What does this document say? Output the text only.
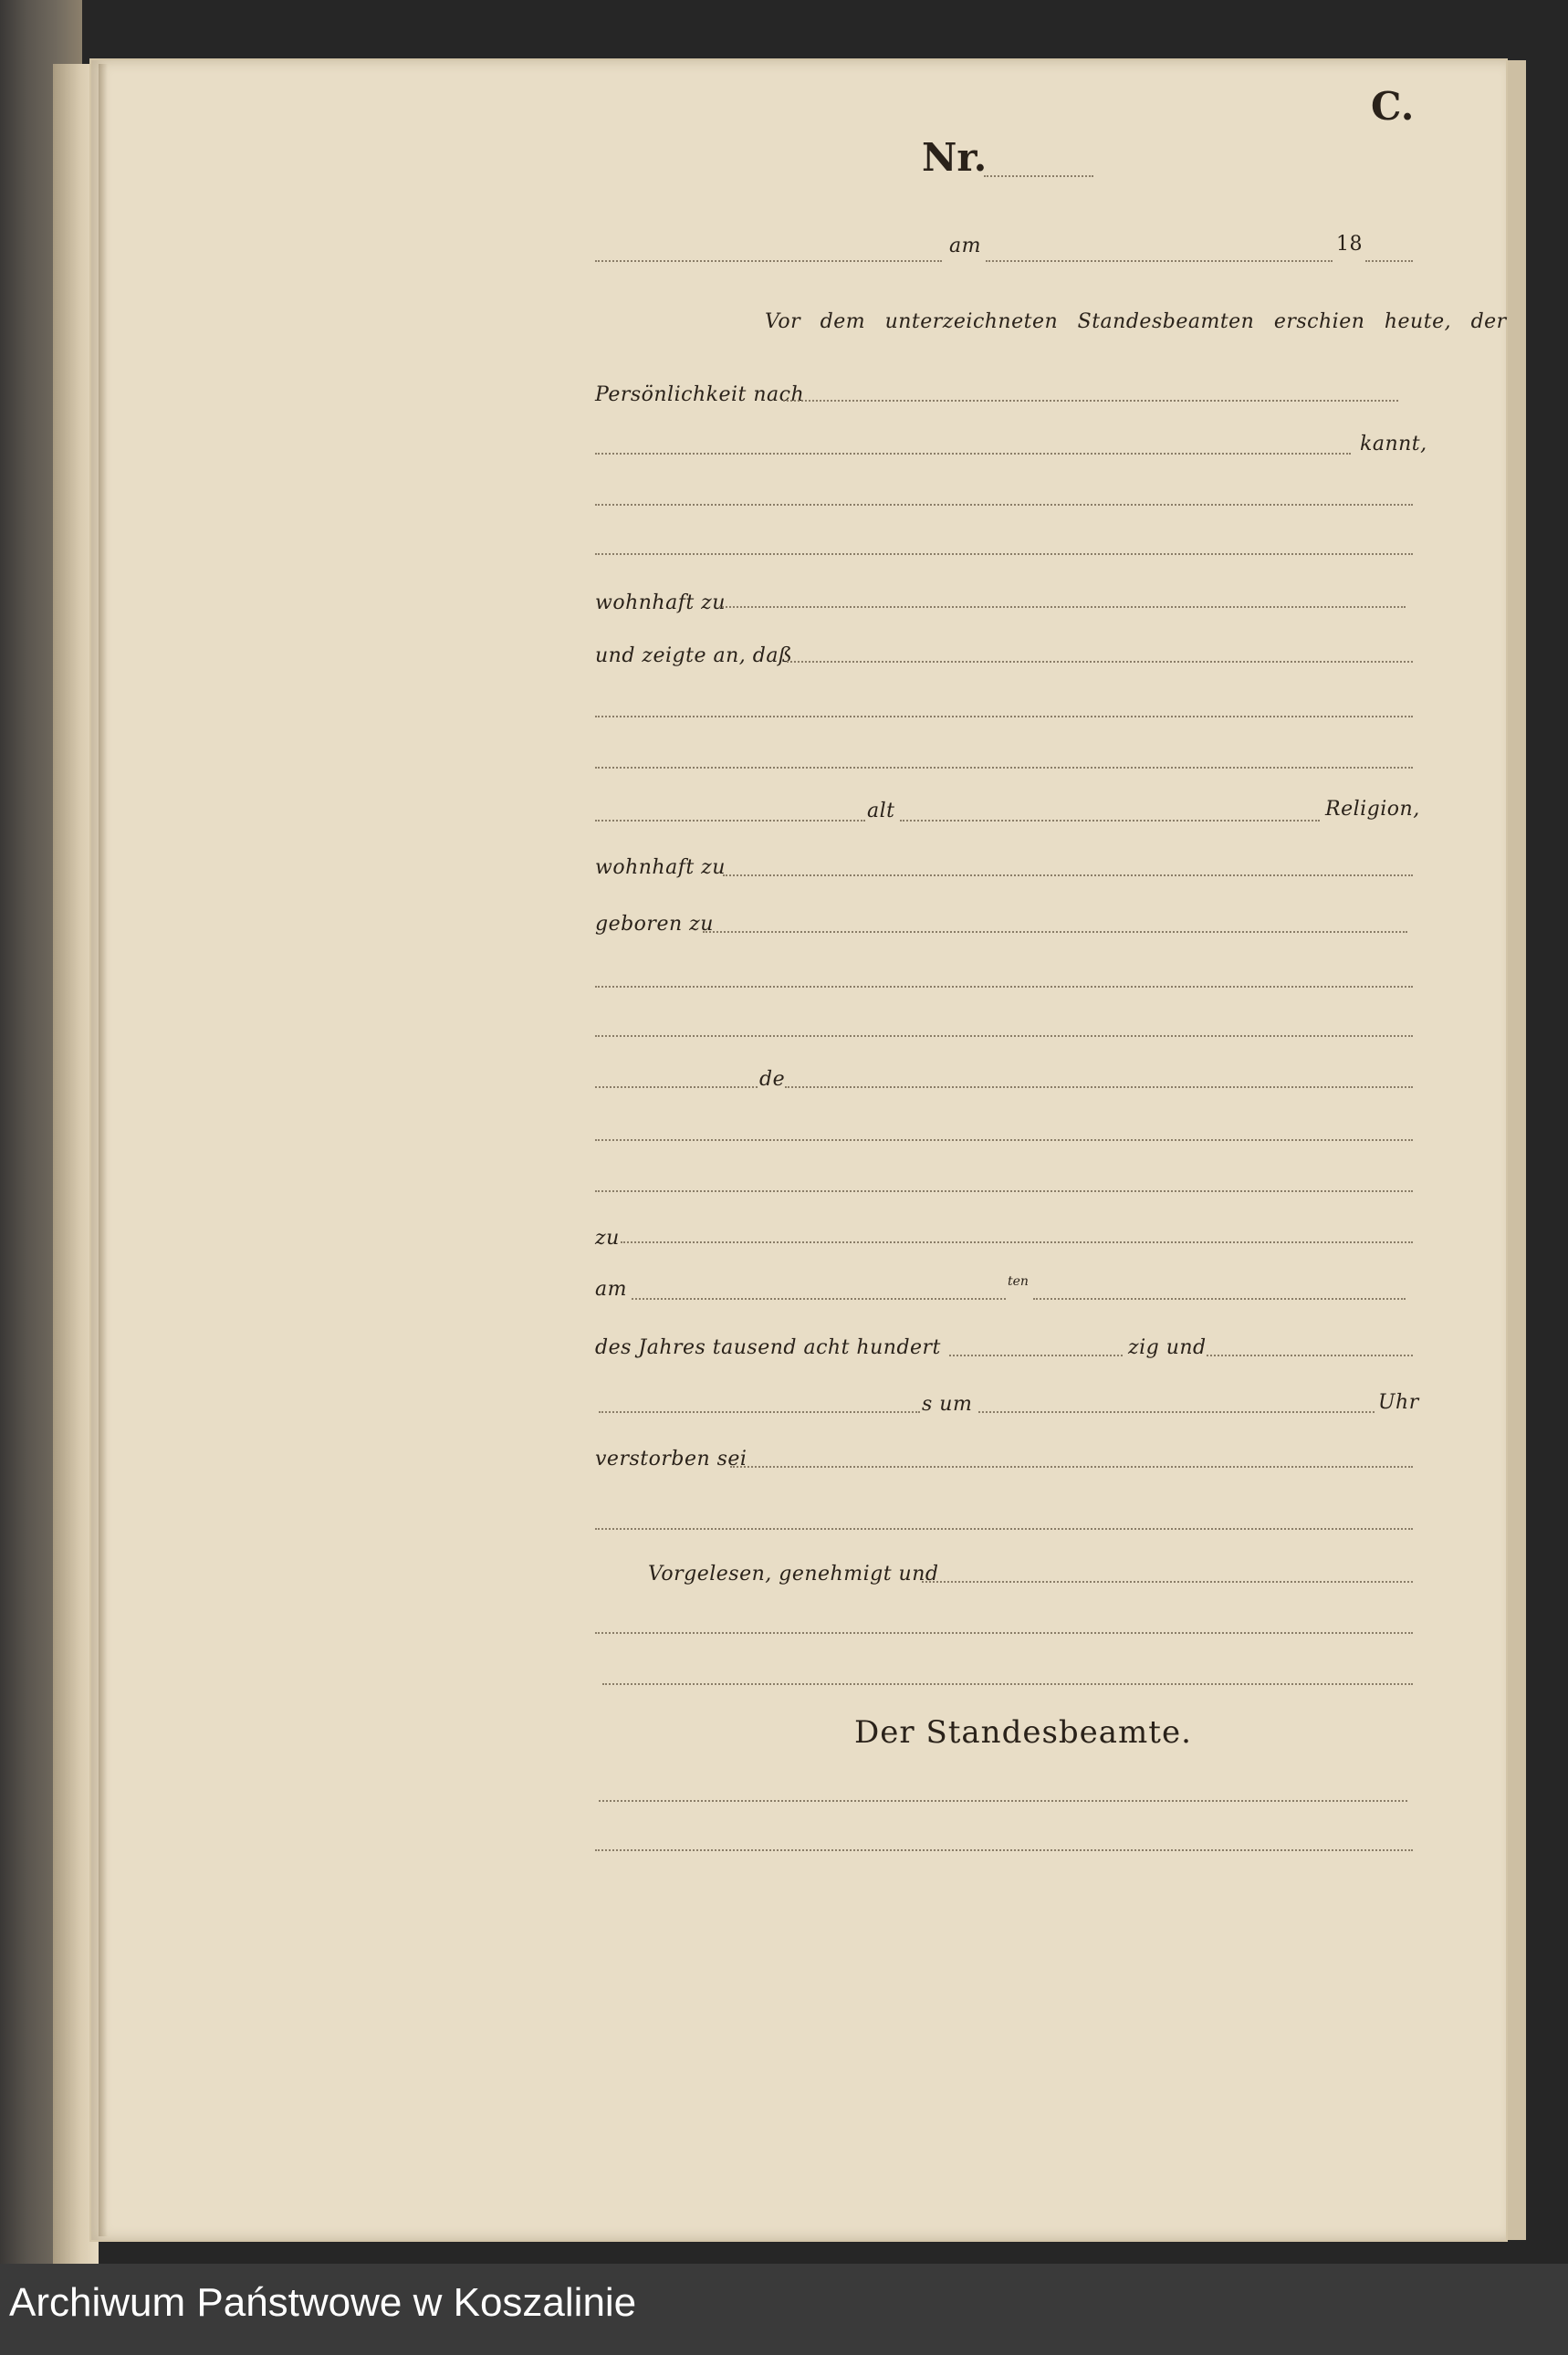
C.
Nr.
am	18
Vor dem unterzeichneten Standesbeamten erschien heute, der
Persönlichkeit nach
kannt,
wohnhaft zu
und zeigte an, daß
alt	Religion,
wohnhaft zu
geboren zu
de
zu
am	ten
des Jahres tausend acht hundert	zig und
s um	Uhr
verstorben sei
Vorgelesen, genehmigt und
Der Standesbeamte.
Archiwum Państwowe w Koszalinie
